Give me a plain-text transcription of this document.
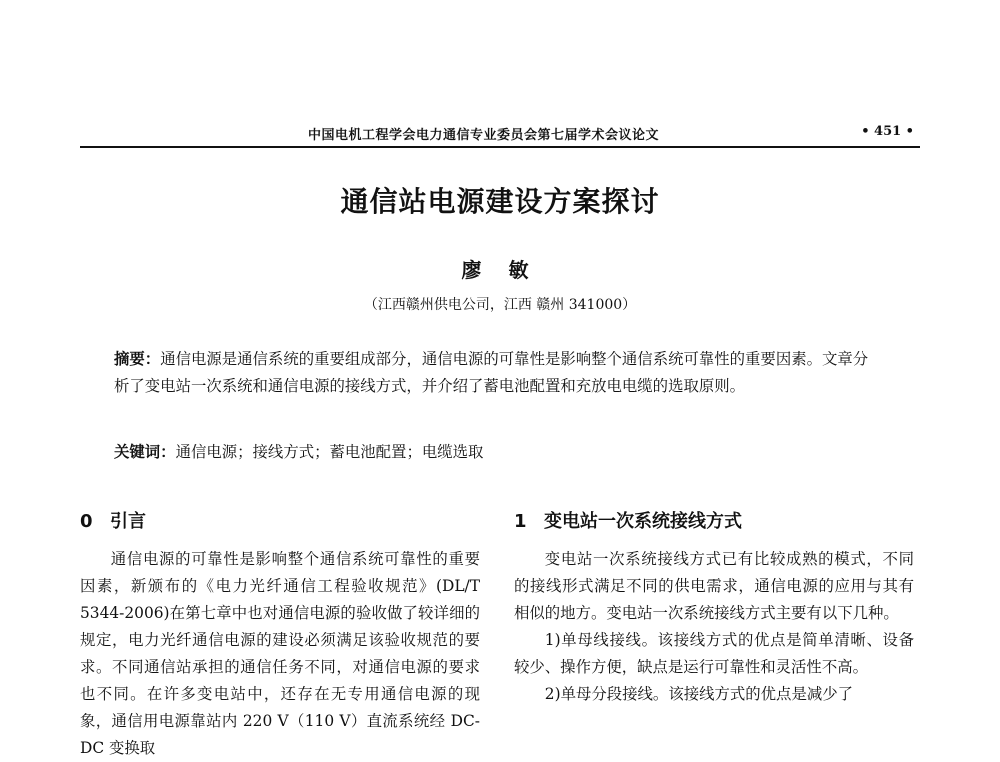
中国电机工程学会电力通信专业委员会第七届学术会议论文	• 451 •
通信站电源建设方案探讨
廖 敏
（江西赣州供电公司，江西 赣州 341000）
摘要：通信电源是通信系统的重要组成部分，通信电源的可靠性是影响整个通信系统可靠性的重要因素。文章分析了变电站一次系统和通信电源的接线方式，并介绍了蓄电池配置和充放电电缆的选取原则。
关键词：通信电源；接线方式；蓄电池配置；电缆选取
0 引言

通信电源的可靠性是影响整个通信系统可靠性的重要因素，新颁布的《电力光纤通信工程验收规范》(DL/T 5344-2006)在第七章中也对通信电源的验收做了较详细的规定，电力光纤通信电源的建设必须满足该验收规范的要求。不同通信站承担的通信任务不同，对通信电源的要求也不同。在许多变电站中，还存在无专用通信电源的现象，通信用电源靠站内 220 V（110 V）直流系统经 DC-DC 变换取

1 变电站一次系统接线方式

变电站一次系统接线方式已有比较成熟的模式，不同的接线形式满足不同的供电需求，通信电源的应用与其有相似的地方。变电站一次系统接线方式主要有以下几种。

1)单母线接线。该接线方式的优点是简单清晰、设备较少、操作方便，缺点是运行可靠性和灵活性不高。

2)单母分段接线。该接线方式的优点是减少了
